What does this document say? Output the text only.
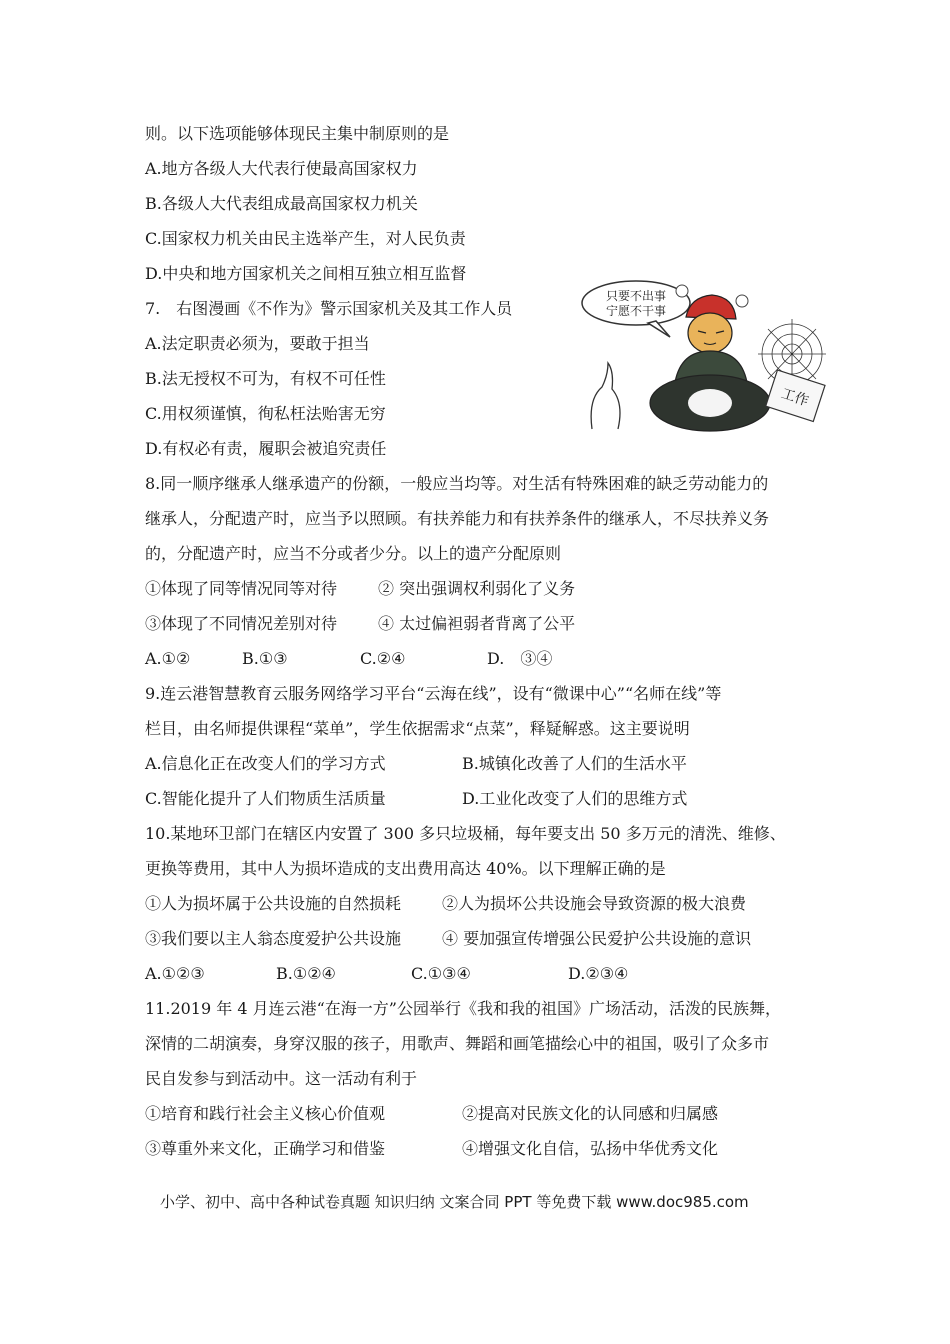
则。以下选项能够体现民主集中制原则的是
A.地方各级人大代表行使最高国家权力
B.各级人大代表组成最高国家权力机关
C.国家权力机关由民主选举产生，对人民负责
D.中央和地方国家机关之间相互独立相互监督
7.　右图漫画《不作为》警示国家机关及其工作人员
A.法定职责必须为，要敢于担当
B.法无授权不可为，有权不可任性
C.用权须谨慎，徇私枉法贻害无穷
D.有权必有责，履职会被追究责任
只要不出事
宁愿不干事
工作
8.同一顺序继承人继承遗产的份额，一般应当均等。对生活有特殊困难的缺乏劳动能力的
继承人，分配遗产时，应当予以照顾。有扶养能力和有扶养条件的继承人，不尽扶养义务
的，分配遗产时，应当不分或者少分。以上的遗产分配原则
①体现了同等情况同等对待	② 突出强调权利弱化了义务
③体现了不同情况差别对待	④ 太过偏袒弱者背离了公平
A.①②	B.①③	C.②④	D.　③④
9.连云港智慧教育云服务网络学习平台“云海在线”，设有“微课中心”“名师在线”等
栏目，由名师提供课程“菜单”，学生依据需求“点菜”，释疑解惑。这主要说明
A.信息化正在改变人们的学习方式	B.城镇化改善了人们的生活水平
C.智能化提升了人们物质生活质量	D.工业化改变了人们的思维方式
10.某地环卫部门在辖区内安置了 300 多只垃圾桶，每年要支出 50 多万元的清洗、维修、
更换等费用，其中人为损坏造成的支出费用高达 40%。以下理解正确的是
①人为损坏属于公共设施的自然损耗	②人为损坏公共设施会导致资源的极大浪费
③我们要以主人翁态度爱护公共设施	④ 要加强宣传增强公民爱护公共设施的意识
A.①②③	B.①②④	C.①③④	D.②③④
11.2019 年 4 月连云港“在海一方”公园举行《我和我的祖国》广场活动，活泼的民族舞，
深情的二胡演奏，身穿汉服的孩子，用歌声、舞蹈和画笔描绘心中的祖国，吸引了众多市
民自发参与到活动中。这一活动有利于
①培育和践行社会主义核心价值观	②提高对民族文化的认同感和归属感
③尊重外来文化，正确学习和借鉴	④增强文化自信，弘扬中华优秀文化
小学、初中、高中各种试卷真题 知识归纳 文案合同 PPT 等免费下载 www.doc985.com
